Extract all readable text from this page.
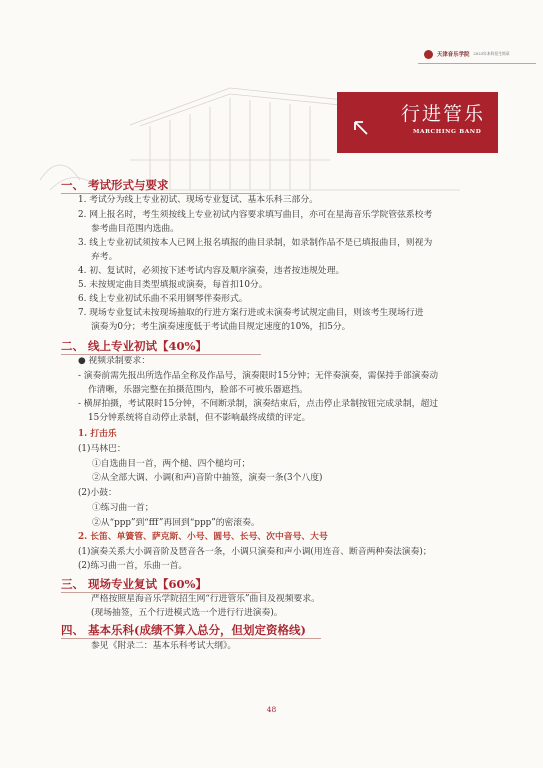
天津音乐学院 2023年本科招生简章
行进管乐
MARCHING BAND
一、 考试形式与要求
1. 考试分为线上专业初试、现场专业复试、基本乐科三部分。
2. 网上报名时，考生须按线上专业初试内容要求填写曲目，亦可在星海音乐学院管弦系校考
参考曲目范围内选曲。
3. 线上专业初试须按本人已网上报名填报的曲目录制，如录制作品不是已填报曲目，则视为
弃考。
4. 初、复试时，必须按下述考试内容及顺序演奏，违者按违规处理。
5. 未按规定曲目类型填报或演奏，每首扣10分。
6. 线上专业初试乐曲不采用钢琴伴奏形式。
7. 现场专业复试未按现场抽取的行进方案行进或未演奏考试规定曲目，则该考生现场行进
演奏为0分；考生演奏速度低于考试曲目规定速度的10%，扣5分。
二、 线上专业初试【40%】
● 视频录制要求：
- 演奏前需先报出所选作品全称及作品号，演奏限时15分钟；无伴奏演奏，需保持手部演奏动
作清晰，乐器完整在拍摄范围内，脸部不可被乐器遮挡。
- 横屏拍摄，考试限时15分钟，不间断录制，演奏结束后，点击停止录制按钮完成录制，超过
15分钟系统将自动停止录制，但不影响最终成绩的评定。
1. 打击乐
(1)马林巴：
①自选曲目一首，两个槌、四个槌均可；
②从全部大调、小调(和声)音阶中抽签，演奏一条(3个八度)
(2)小鼓：
①练习曲一首；
②从“ppp”到“fff”再回到“ppp”的密滚奏。
2. 长笛、单簧管、萨克斯、小号、圆号、长号、次中音号、大号
(1)演奏关系大小调音阶及琶音各一条，小调只演奏和声小调(用连音、断音两种奏法演奏)；
(2)练习曲一首，乐曲一首。
三、 现场专业复试【60%】
严格按照星海音乐学院招生网“行进管乐”曲目及视频要求。
(现场抽签，五个行进模式选一个进行行进演奏)。
四、 基本乐科(成绩不算入总分，但划定资格线)
参见《附录二：基本乐科考试大纲》。
48
